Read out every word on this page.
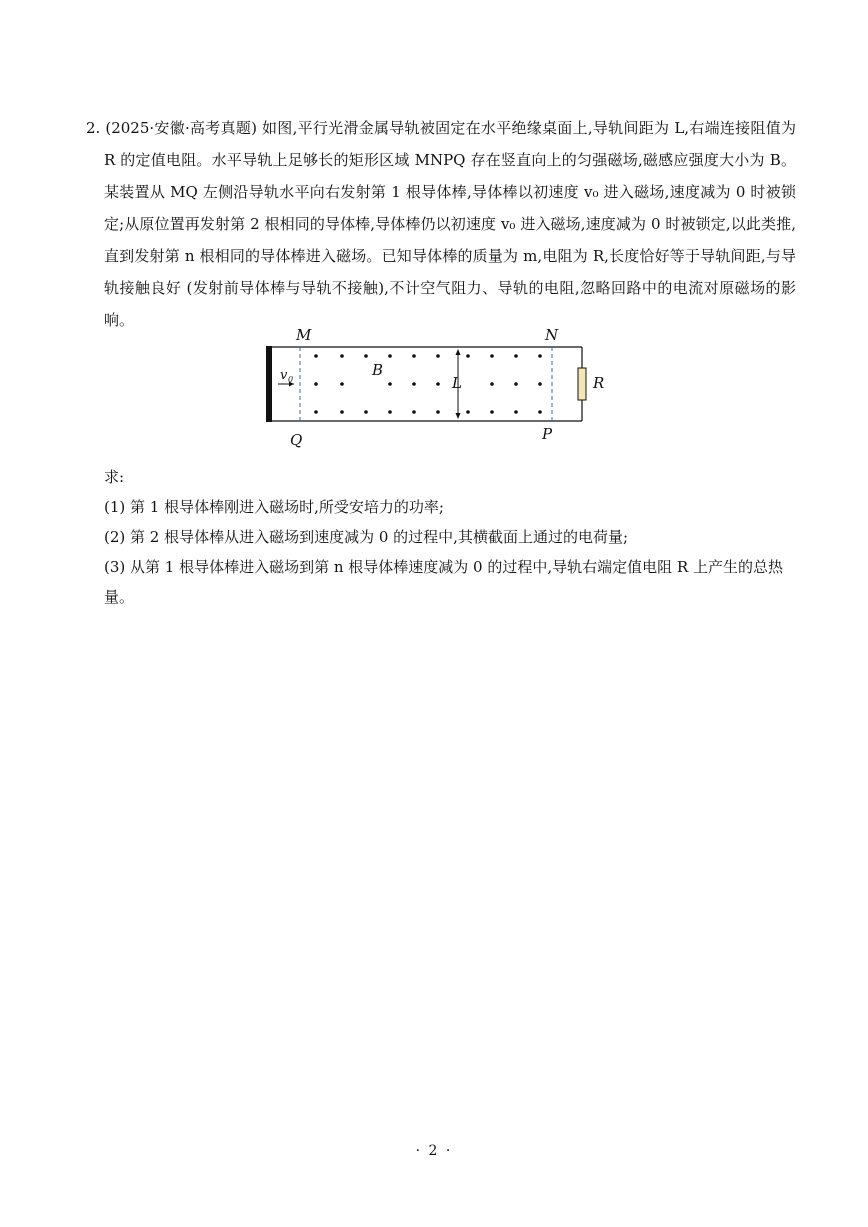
2. (2025·安徽·高考真题) 如图,平行光滑金属导轨被固定在水平绝缘桌面上,导轨间距为 L,右端连接阻值为 R 的定值电阻。水平导轨上足够长的矩形区域 MNPQ 存在竖直向上的匀强磁场,磁感应强度大小为 B。某装置从 MQ 左侧沿导轨水平向右发射第 1 根导体棒,导体棒以初速度 v₀ 进入磁场,速度减为 0 时被锁定;从原位置再发射第 2 根相同的导体棒,导体棒仍以初速度 v₀ 进入磁场,速度减为 0 时被锁定,以此类推,直到发射第 n 根相同的导体棒进入磁场。已知导体棒的质量为 m,电阻为 R,长度恰好等于导轨间距,与导轨接触良好 (发射前导体棒与导轨不接触),不计空气阻力、导轨的电阻,忽略回路中的电流对原磁场的影响。
M	N
Q	P
B
L	R
v 0
求:
(1) 第 1 根导体棒刚进入磁场时,所受安培力的功率;
(2) 第 2 根导体棒从进入磁场到速度减为 0 的过程中,其横截面上通过的电荷量;
(3) 从第 1 根导体棒进入磁场到第 n 根导体棒速度减为 0 的过程中,导轨右端定值电阻 R 上产生的总热量。
· 2 ·
